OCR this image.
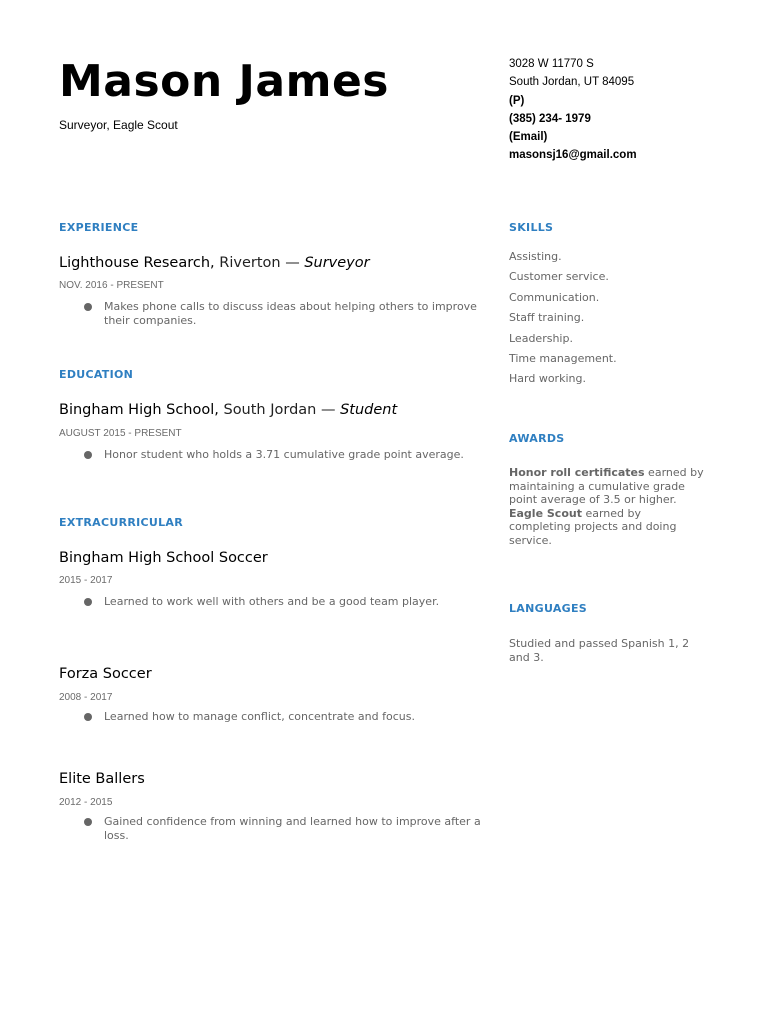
Mason James
Surveyor, Eagle Scout
3028 W 11770 S
South Jordan, UT 84095
(P)
(385) 234- 1979
(Email)
masonsj16@gmail.com
EXPERIENCE
Lighthouse Research, Riverton — Surveyor
NOV. 2016 - PRESENT
Makes phone calls to discuss ideas about helping others to improve their companies.
EDUCATION
Bingham High School, South Jordan — Student
AUGUST 2015 - PRESENT
Honor student who holds a 3.71 cumulative grade point average.
EXTRACURRICULAR
Bingham High School Soccer
2015 - 2017
Learned to work well with others and be a good team player.
Forza Soccer
2008 - 2017
Learned how to manage conflict, concentrate and focus.
Elite Ballers
2012 - 2015
Gained confidence from winning and learned how to improve after a loss.
SKILLS
Assisting.
Customer service.
Communication.
Staff training.
Leadership.
Time management.
Hard working.
AWARDS
Honor roll certificates earned by maintaining a cumulative grade point average of 3.5 or higher.
Eagle Scout earned by completing projects and doing service.
LANGUAGES
Studied and passed Spanish 1, 2 and 3.
